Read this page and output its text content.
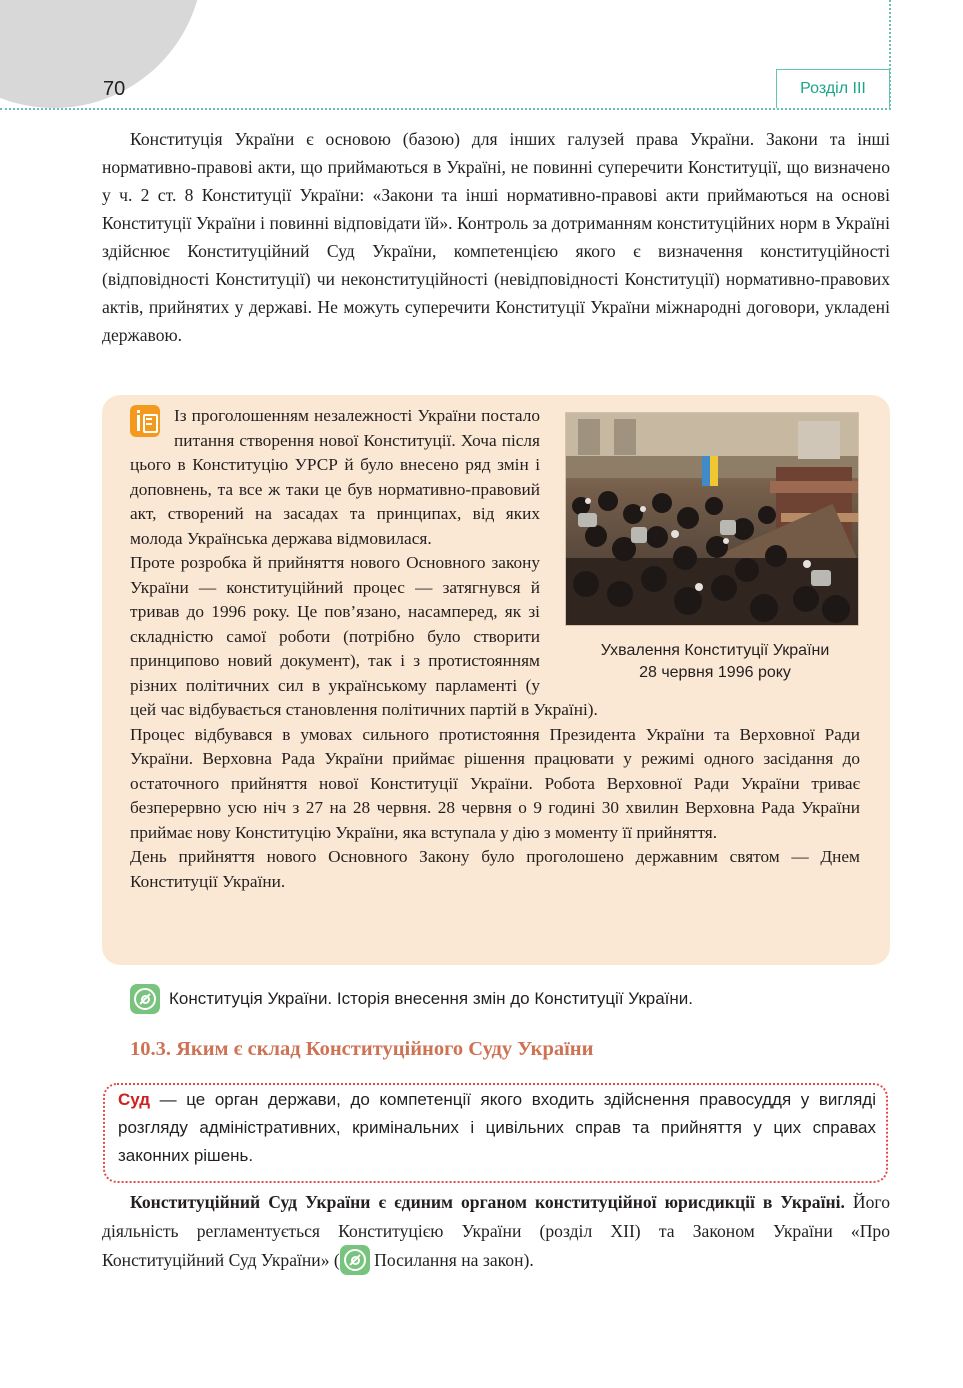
70	Розділ ІІІ

Конституція України є основою (базою) для інших галузей права України. Закони та інші нормативно-правові акти, що приймаються в Україні, не повинні суперечити Конституції, що визначено у ч. 2 ст. 8 Конституції України: «Закони та інші нормативно-правові акти приймаються на основі Конституції України і повинні відповідати їй». Контроль за дотриманням конституційних норм в Україні здійснює Конституційний Суд України, компетенцією якого є визначення конституційності (відповідності Конституції) чи неконституційності (невідповідності Конституції) нормативно-правових актів, прийнятих у державі. Не можуть суперечити Конституції України міжнародні договори, укладені державою.

Ухвалення Конституції України
28 червня 1996 року
Із проголошенням незалежності України постало питання створення нової Конституції. Хоча після цього в Конституцію УРСР й було внесено ряд змін і доповнень, та все ж таки це був нормативно-правовий акт, створений на засадах та принципах, від яких молода Українська держава відмовилася.
Проте розробка й прийняття нового Основного закону України — конституційний процес — затягнувся й тривав до 1996 року. Це пов’язано, насамперед, як зі складністю самої роботи (потрібно було створити принципово новий документ), так і з протистоянням різних політичних сил в українському парламенті (у цей час відбувається становлення політичних партій в Україні).
Процес відбувався в умовах сильного протистояння Президента України та Верховної Ради України. Верховна Рада України приймає рішення працювати у режимі одного засідання до остаточного прийняття нової Конституції України. Робота Верховної Ради України триває безперервно усю ніч з 27 на 28 червня. 28 червня о 9 годині 30 хвилин Верховна Рада України приймає нову Конституцію України, яка вступала у дію з моменту її прийняття.
День прийняття нового Основного Закону було проголошено державним святом — Днем Конституції України.
Конституція України. Історія внесення змін до Конституції України.
10.3. Яким є склад Конституційного Суду України

Суд — це орган держави, до компетенції якого входить здійснення правосуддя у вигляді розгляду адміністративних, кримінальних і цивільних справ та прийняття у цих справах законних рішень.

Конституційний Суд України є єдиним органом конституційної юрисдикції в Україні. Його діяльність регламентується Конституцією України (розділ XII) та Законом України «Про Конституційний Суд України» (
Посилання на закон).
